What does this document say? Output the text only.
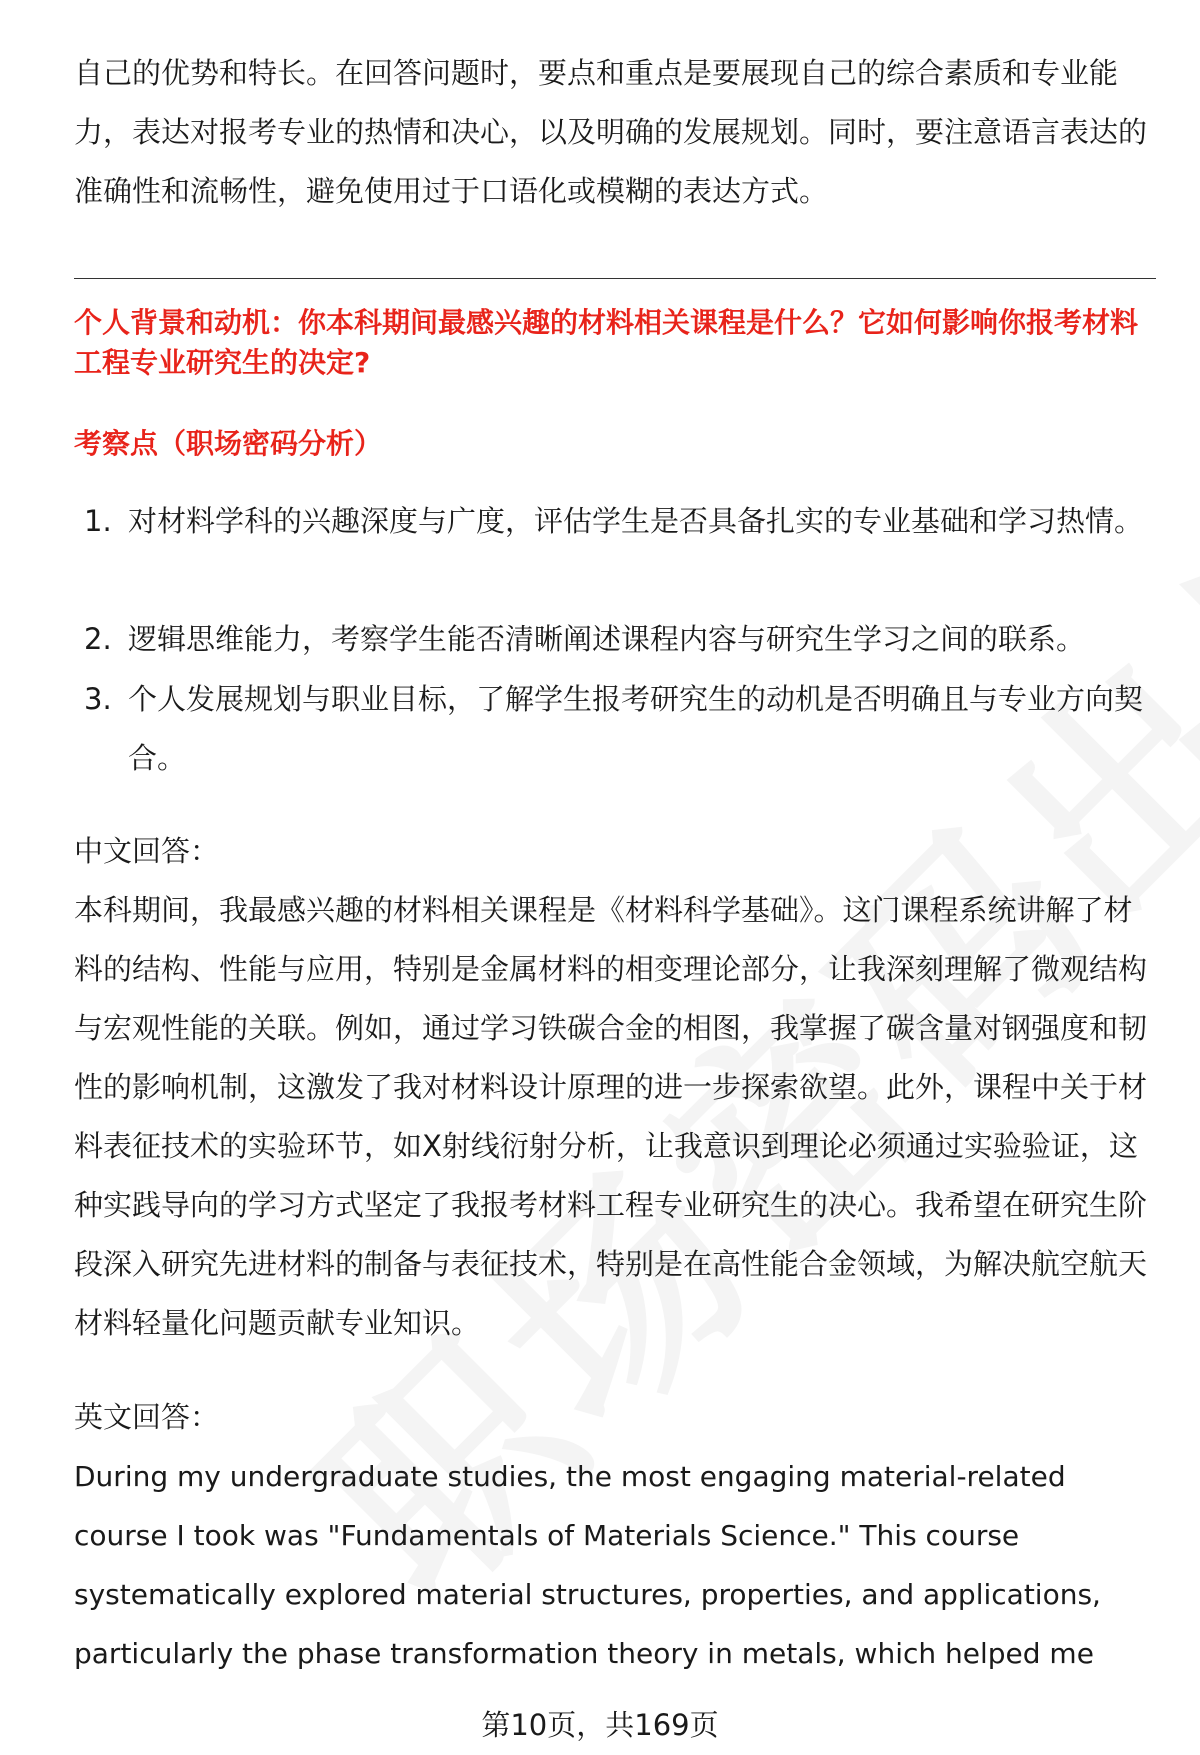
自己的优势和特长。在回答问题时，要点和重点是要展现自己的综合素质和专业能力，表达对报考专业的热情和决心，以及明确的发展规划。同时，要注意语言表达的准确性和流畅性，避免使用过于口语化或模糊的表达方式。

个人背景和动机：你本科期间最感兴趣的材料相关课程是什么？它如何影响你报考材料工程专业研究生的决定?

考察点（职场密码分析）

1. 对材料学科的兴趣深度与广度，评估学生是否具备扎实的专业基础和学习热情。
2. 逻辑思维能力，考察学生能否清晰阐述课程内容与研究生学习之间的联系。
3. 个人发展规划与职业目标，了解学生报考研究生的动机是否明确且与专业方向契合。

中文回答：

本科期间，我最感兴趣的材料相关课程是《材料科学基础》。这门课程系统讲解了材料的结构、性能与应用，特别是金属材料的相变理论部分，让我深刻理解了微观结构与宏观性能的关联。例如，通过学习铁碳合金的相图，我掌握了碳含量对钢强度和韧性的影响机制，这激发了我对材料设计原理的进一步探索欲望。此外，课程中关于材料表征技术的实验环节，如X射线衍射分析，让我意识到理论必须通过实验验证，这种实践导向的学习方式坚定了我报考材料工程专业研究生的决心。我希望在研究生阶段深入研究先进材料的制备与表征技术，特别是在高性能合金领域，为解决航空航天材料轻量化问题贡献专业知识。

英文回答：

During my undergraduate studies, the most engaging material-related course I took was "Fundamentals of Materials Science." This course systematically explored material structures, properties, and applications, particularly the phase transformation theory in metals, which helped me

第10页，共169页
